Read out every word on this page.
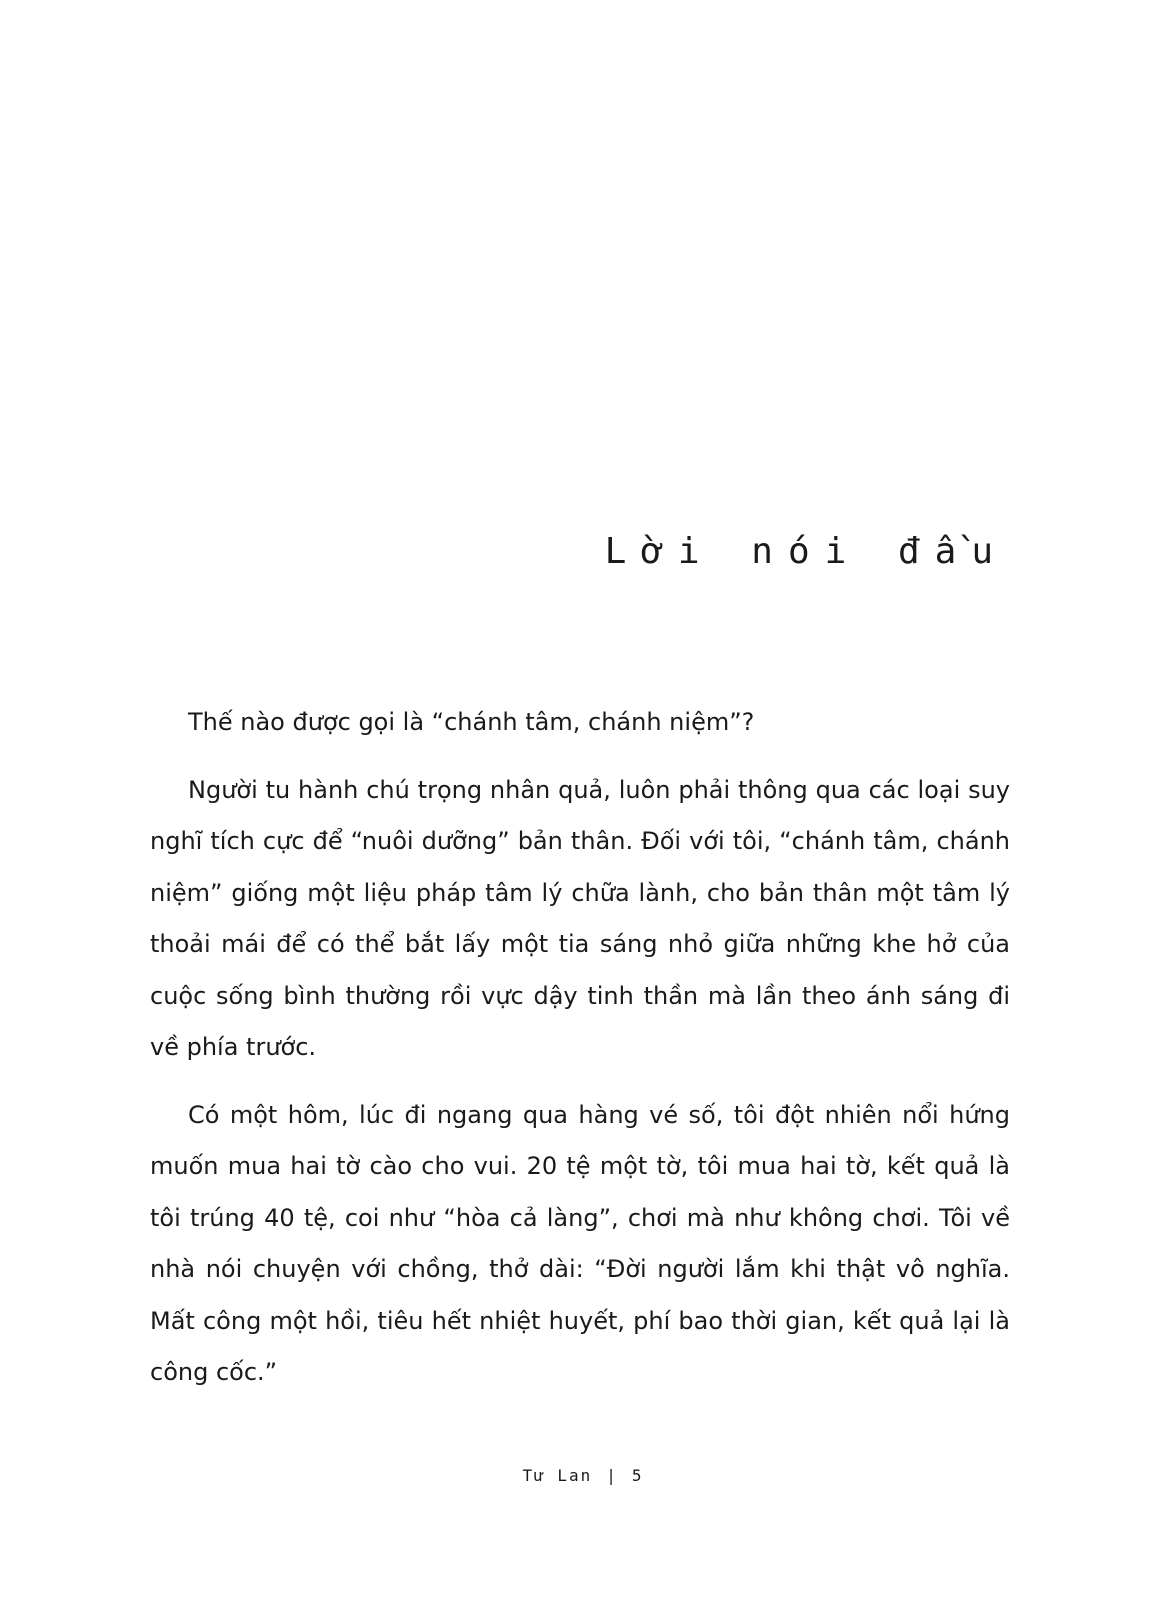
Lời nói đầu

Thế nào được gọi là “chánh tâm, chánh niệm”?

Người tu hành chú trọng nhân quả, luôn phải thông qua các loại suy nghĩ tích cực để “nuôi dưỡng” bản thân. Đối với tôi, “chánh tâm, chánh niệm” giống một liệu pháp tâm lý chữa lành, cho bản thân một tâm lý thoải mái để có thể bắt lấy một tia sáng nhỏ giữa những khe hở của cuộc sống bình thường rồi vực dậy tinh thần mà lần theo ánh sáng đi về phía trước.

Có một hôm, lúc đi ngang qua hàng vé số, tôi đột nhiên nổi hứng muốn mua hai tờ cào cho vui. 20 tệ một tờ, tôi mua hai tờ, kết quả là tôi trúng 40 tệ, coi như “hòa cả làng”, chơi mà như không chơi. Tôi về nhà nói chuyện với chồng, thở dài: “Đời người lắm khi thật vô nghĩa. Mất công một hồi, tiêu hết nhiệt huyết, phí bao thời gian, kết quả lại là công cốc.”

Tư Lan | 5
